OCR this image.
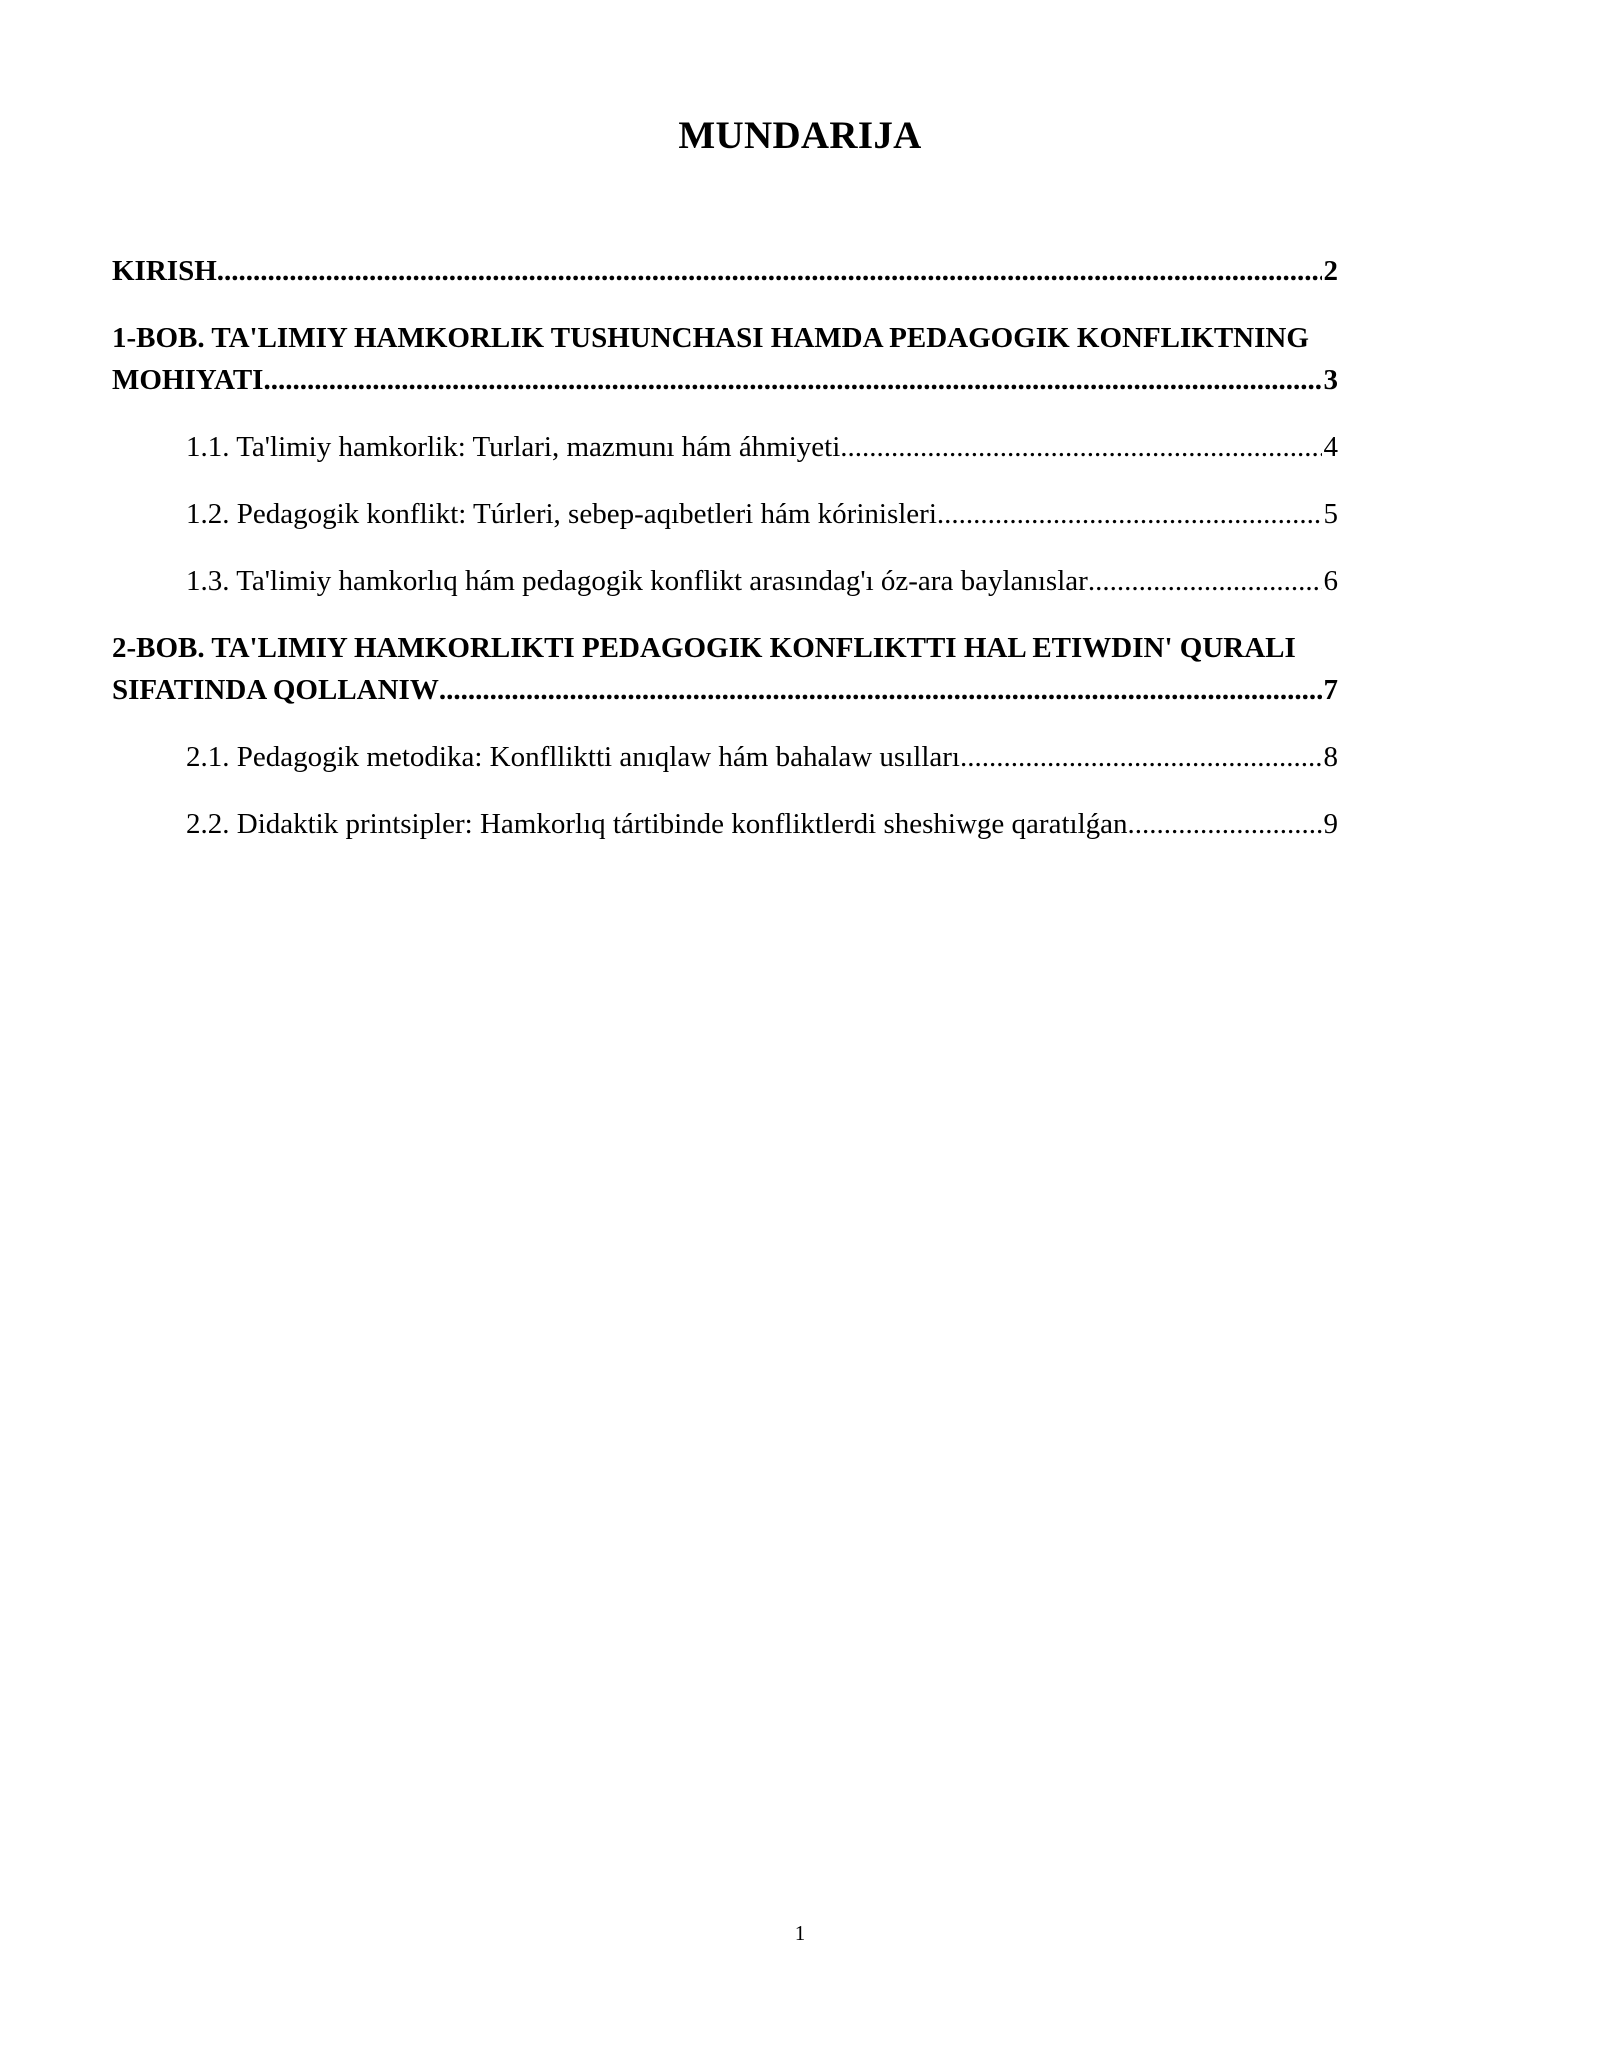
MUNDARIJA
KIRISH .....	2
1-BOB. TA'LIMIY HAMKORLIK TUSHUNCHASI HAMDA PEDAGOGIK KONFLIKTNING
MOHIYATI .....	3
1.1. Ta'limiy hamkorlik: Turlari, mazmunı hám áhmiyeti .....	4
1.2. Pedagogik konflikt: Túrleri, sebep-aqıbetleri hám kórinisleri .....	5
1.3. Ta'limiy hamkorlıq hám pedagogik konflikt arasındag'ı óz-ara baylanıslar .....	6
2-BOB. TA'LIMIY HAMKORLIKTI PEDAGOGIK KONFLIKTTI HAL ETIWDIN' QURALI
SIFATINDA QOLLANIW .....	7
2.1. Pedagogik metodika: Konflliktti anıqlaw hám bahalaw usılları .....	8
2.2. Didaktik printsipler: Hamkorlıq tártibinde konfliktlerdi sheshiwge qaratılǵan .....	9
1
